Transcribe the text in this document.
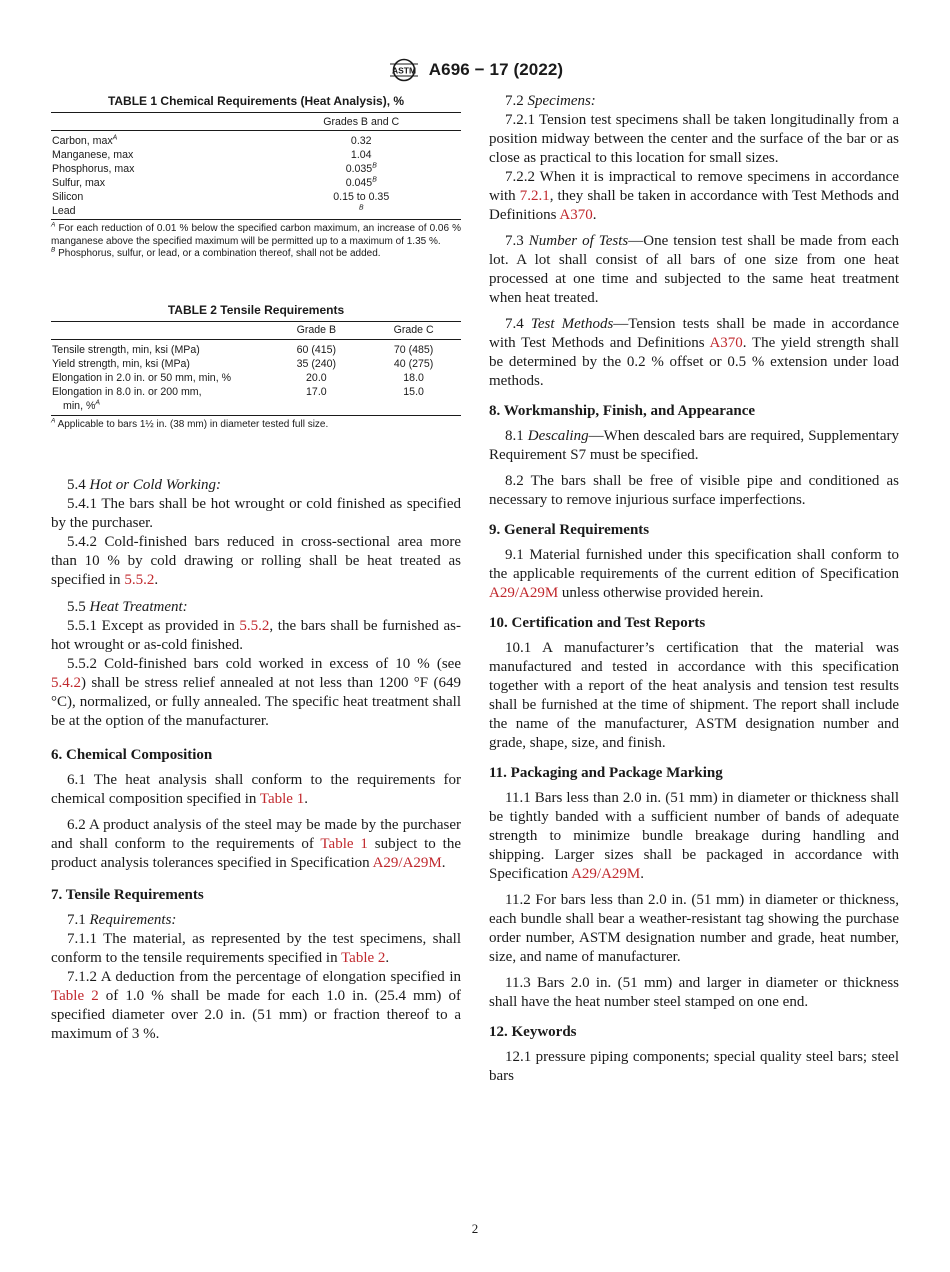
ASTM A696 − 17 (2022)
TABLE 1 Chemical Requirements (Heat Analysis), %
Grades B and C
Carbon, $\max^A$	0.32
Manganese, max	1.04
Phosphorus, max	$0.035^B$
Sulfur, max	$0.045^B$
Silicon	0.15 to 0.35
Lead	$^B$
$^A$ For each reduction of 0.01 % below the specified carbon maximum, an increase of 0.06 % manganese above the specified maximum will be permitted up to a maximum of 1.35 %.
$^B$ Phosphorus, sulfur, or lead, or a combination thereof, shall not be added.
TABLE 2 Tensile Requirements
Grade B	Grade C
Tensile strength, min, ksi (MPa)	60 (415)	70 (485)
Yield strength, min, ksi (MPa)	35 (240)	40 (275)
Elongation in 2.0 in. or 50 mm, min, %	20.0	18.0
Elongation in 8.0 in. or 200 mm,	17.0	15.0
min, %$^A$
$^A$ Applicable to bars 1½ in. (38 mm) in diameter tested full size.

5.4 Hot or Cold Working:

5.4.1 The bars shall be hot wrought or cold finished as specified by the purchaser.

5.4.2 Cold-finished bars reduced in cross-sectional area more than 10 % by cold drawing or rolling shall be heat treated as specified in 5.5.2.

5.5 Heat Treatment:

5.5.1 Except as provided in 5.5.2, the bars shall be furnished as-hot wrought or as-cold finished.

5.5.2 Cold-finished bars cold worked in excess of 10 % (see 5.4.2) shall be stress relief annealed at not less than 1200 °F (649 °C), normalized, or fully annealed. The specific heat treatment shall be at the option of the manufacturer.

6. Chemical Composition

6.1 The heat analysis shall conform to the requirements for chemical composition specified in Table 1.

6.2 A product analysis of the steel may be made by the purchaser and shall conform to the requirements of Table 1 subject to the product analysis tolerances specified in Specification A29/A29M.

7. Tensile Requirements

7.1 Requirements:

7.1.1 The material, as represented by the test specimens, shall conform to the tensile requirements specified in Table 2.

7.1.2 A deduction from the percentage of elongation specified in Table 2 of 1.0 % shall be made for each 1.0 in. (25.4 mm) of specified diameter over 2.0 in. (51 mm) or fraction thereof to a maximum of 3 %.

7.2 Specimens:

7.2.1 Tension test specimens shall be taken longitudinally from a position midway between the center and the surface of the bar or as close as practical to this location for small sizes.

7.2.2 When it is impractical to remove specimens in accordance with 7.2.1, they shall be taken in accordance with Test Methods and Definitions A370.

7.3 Number of Tests—One tension test shall be made from each lot. A lot shall consist of all bars of one size from one heat processed at one time and subjected to the same heat treatment when heat treated.

7.4 Test Methods—Tension tests shall be made in accordance with Test Methods and Definitions A370. The yield strength shall be determined by the 0.2 % offset or 0.5 % extension under load methods.

8. Workmanship, Finish, and Appearance

8.1 Descaling—When descaled bars are required, Supplementary Requirement S7 must be specified.

8.2 The bars shall be free of visible pipe and conditioned as necessary to remove injurious surface imperfections.

9. General Requirements

9.1 Material furnished under this specification shall conform to the applicable requirements of the current edition of Specification A29/A29M unless otherwise provided herein.

10. Certification and Test Reports

10.1 A manufacturer’s certification that the material was manufactured and tested in accordance with this specification together with a report of the heat analysis and tension test results shall be furnished at the time of shipment. The report shall include the name of the manufacturer, ASTM designation number and grade, shape, size, and finish.

11. Packaging and Package Marking

11.1 Bars less than 2.0 in. (51 mm) in diameter or thickness shall be tightly banded with a sufficient number of bands of adequate strength to minimize bundle breakage during handling and shipping. Larger sizes shall be packaged in accordance with Specification A29/A29M.

11.2 For bars less than 2.0 in. (51 mm) in diameter or thickness, each bundle shall bear a weather-resistant tag showing the purchase order number, ASTM designation number and grade, heat number, size, and name of manufacturer.

11.3 Bars 2.0 in. (51 mm) and larger in diameter or thickness shall have the heat number steel stamped on one end.

12. Keywords

12.1 pressure piping components; special quality steel bars; steel bars

2
